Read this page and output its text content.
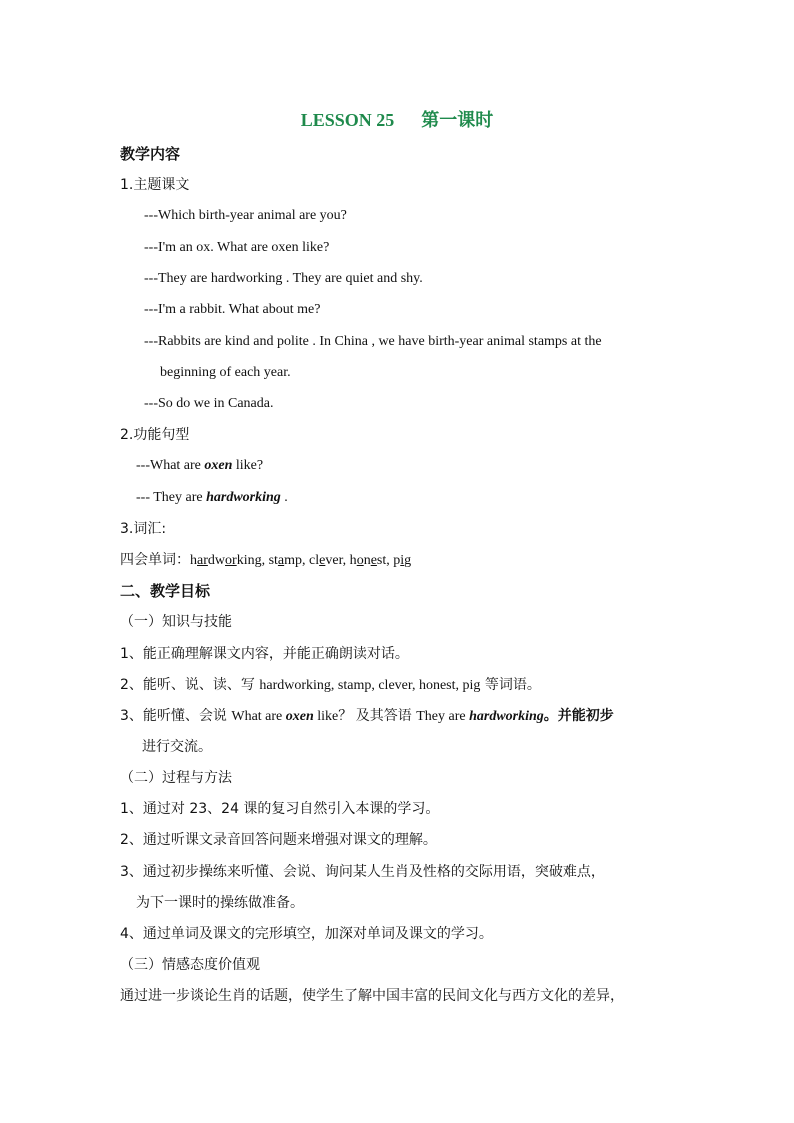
LESSON 25      第一课时
教学内容
1.主题课文
---Which birth-year animal are you?
---I'm an ox. What are oxen like?
---They are hardworking . They are quiet and shy.
---I'm a rabbit. What about me?
---Rabbits are kind and polite . In China , we have birth-year animal stamps at the
beginning of each year.
---So do we in Canada.
2.功能句型
---What are oxen like?
--- They are hardworking .
3.词汇:
四会单词：hardworking, stamp, clever, honest, pig
二、教学目标
（一）知识与技能
1、能正确理解课文内容，并能正确朗读对话。
2、能听、说、读、写 hardworking, stamp, clever, honest, pig 等词语。
3、能听懂、会说 What are oxen like？ 及其答语 They are hardworking。并能初步
进行交流。
（二）过程与方法
1、通过对 23、24 课的复习自然引入本课的学习。
2、通过听课文录音回答问题来增强对课文的理解。
3、通过初步操练来听懂、会说、询问某人生肖及性格的交际用语，突破难点，
为下一课时的操练做准备。
4、通过单词及课文的完形填空，加深对单词及课文的学习。
（三）情感态度价值观
通过进一步谈论生肖的话题，使学生了解中国丰富的民间文化与西方文化的差异，
